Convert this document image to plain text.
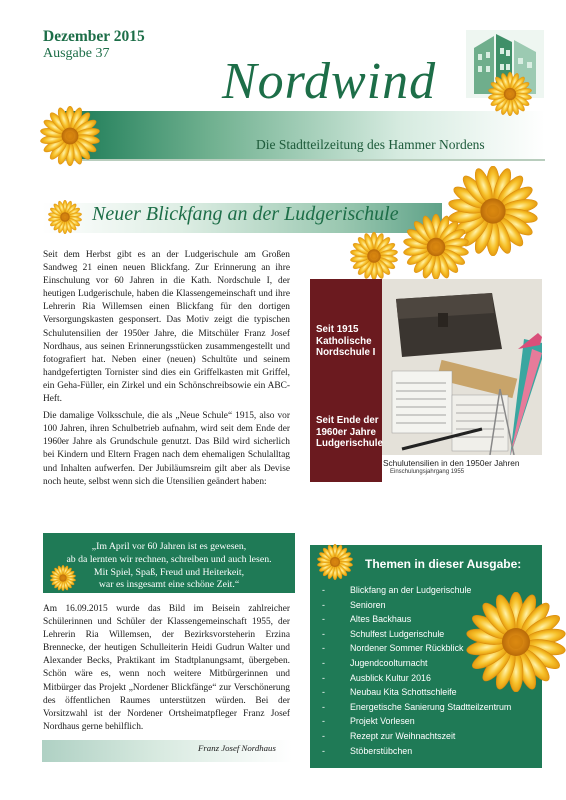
Dezember 2015
Ausgabe 37 Nordwind
Die Stadtteilzeitung des Hammer Nordens
Neuer Blickfang an der Ludgerischule

Seit dem Herbst gibt es an der Ludgerischule am Großen Sandweg 21 einen neuen Blickfang. Zur Erinnerung an ihre Einschulung vor 60 Jahren in die Kath. Nordschule I, der heutigen Ludgerischule, haben die Klassengemeinschaft und ihre Lehrerin Ria Willemsen einen Blickfang für den dortigen Versorgungskasten gesponsert. Das Motiv zeigt die typischen Schulutensilien der 1950er Jahre, die Mitschüler Franz Josef Nordhaus, aus seinen Erinnerungsstücken zusammengestellt und fotografiert hat. Neben einer (neuen) Schultüte und seinem handgefertigten Tornister sind dies ein Griffelkasten mit Griffel, ein Geha-Füller, ein Zirkel und ein Schönschreibsowie ein ABC-Heft.

Die damalige Volksschule, die als „Neue Schule“ 1915, also vor 100 Jahren, ihren Schulbetrieb aufnahm, wird seit dem Ende der 1960er Jahre als Grundschule genutzt. Das Bild wird sicherlich bei Kindern und Eltern Fragen nach dem ehemaligen Schulalltag und Inhalten aufwerfen. Der Jubiläumsreim gilt aber als Devise noch heute, selbst wenn sich die Utensilien geändert haben:

„Im April vor 60 Jahren ist es gewesen,
ab da lernten wir rechnen, schreiben und auch lesen.
Mit Spiel, Spaß, Freud und Heiterkeit,
war es insgesamt eine schöne Zeit.“
Am 16.09.2015 wurde das Bild im Beisein zahlreicher Schülerinnen und Schüler der Klassengemeinschaft 1955, der Lehrerin Ria Willemsen, der Bezirksvorsteherin Erzina Brennecke, der heutigen Schulleiterin Heidi Gudrun Walter und Alexander Becks, Praktikant im Stadtplanungsamt, übergeben. Schön wäre es, wenn noch weitere Mitbürgerinnen und Mitbürger das Projekt „Nordener Blickfänge“ zur Verschönerung des öffentlichen Raumes unterstützen würden. Bei der Vorsitzwahl ist der Nordener Ortsheimatpfleger Franz Josef Nordhaus gerne behilflich.
Franz Josef Nordhaus
Seit 1915
Katholische
Nordschule I
Seit Ende der
1960er Jahre
Ludgerischule
Schulutensilien in den 1950er Jahren
Einschulungsjahrgang 1955
Themen in dieser Ausgabe:
-	Blickfang an der Ludgerischule
-	Senioren
-	Altes Backhaus
-	Schulfest Ludgerischule
-	Nordener Sommer Rückblick
-	Jugendcoolturnacht
-	Ausblick Kultur 2016
-	Neubau Kita Schottschleife
-	Energetische Sanierung Stadtteilzentrum
-	Projekt Vorlesen
-	Rezept zur Weihnachtszeit
-	Stöberstübchen
